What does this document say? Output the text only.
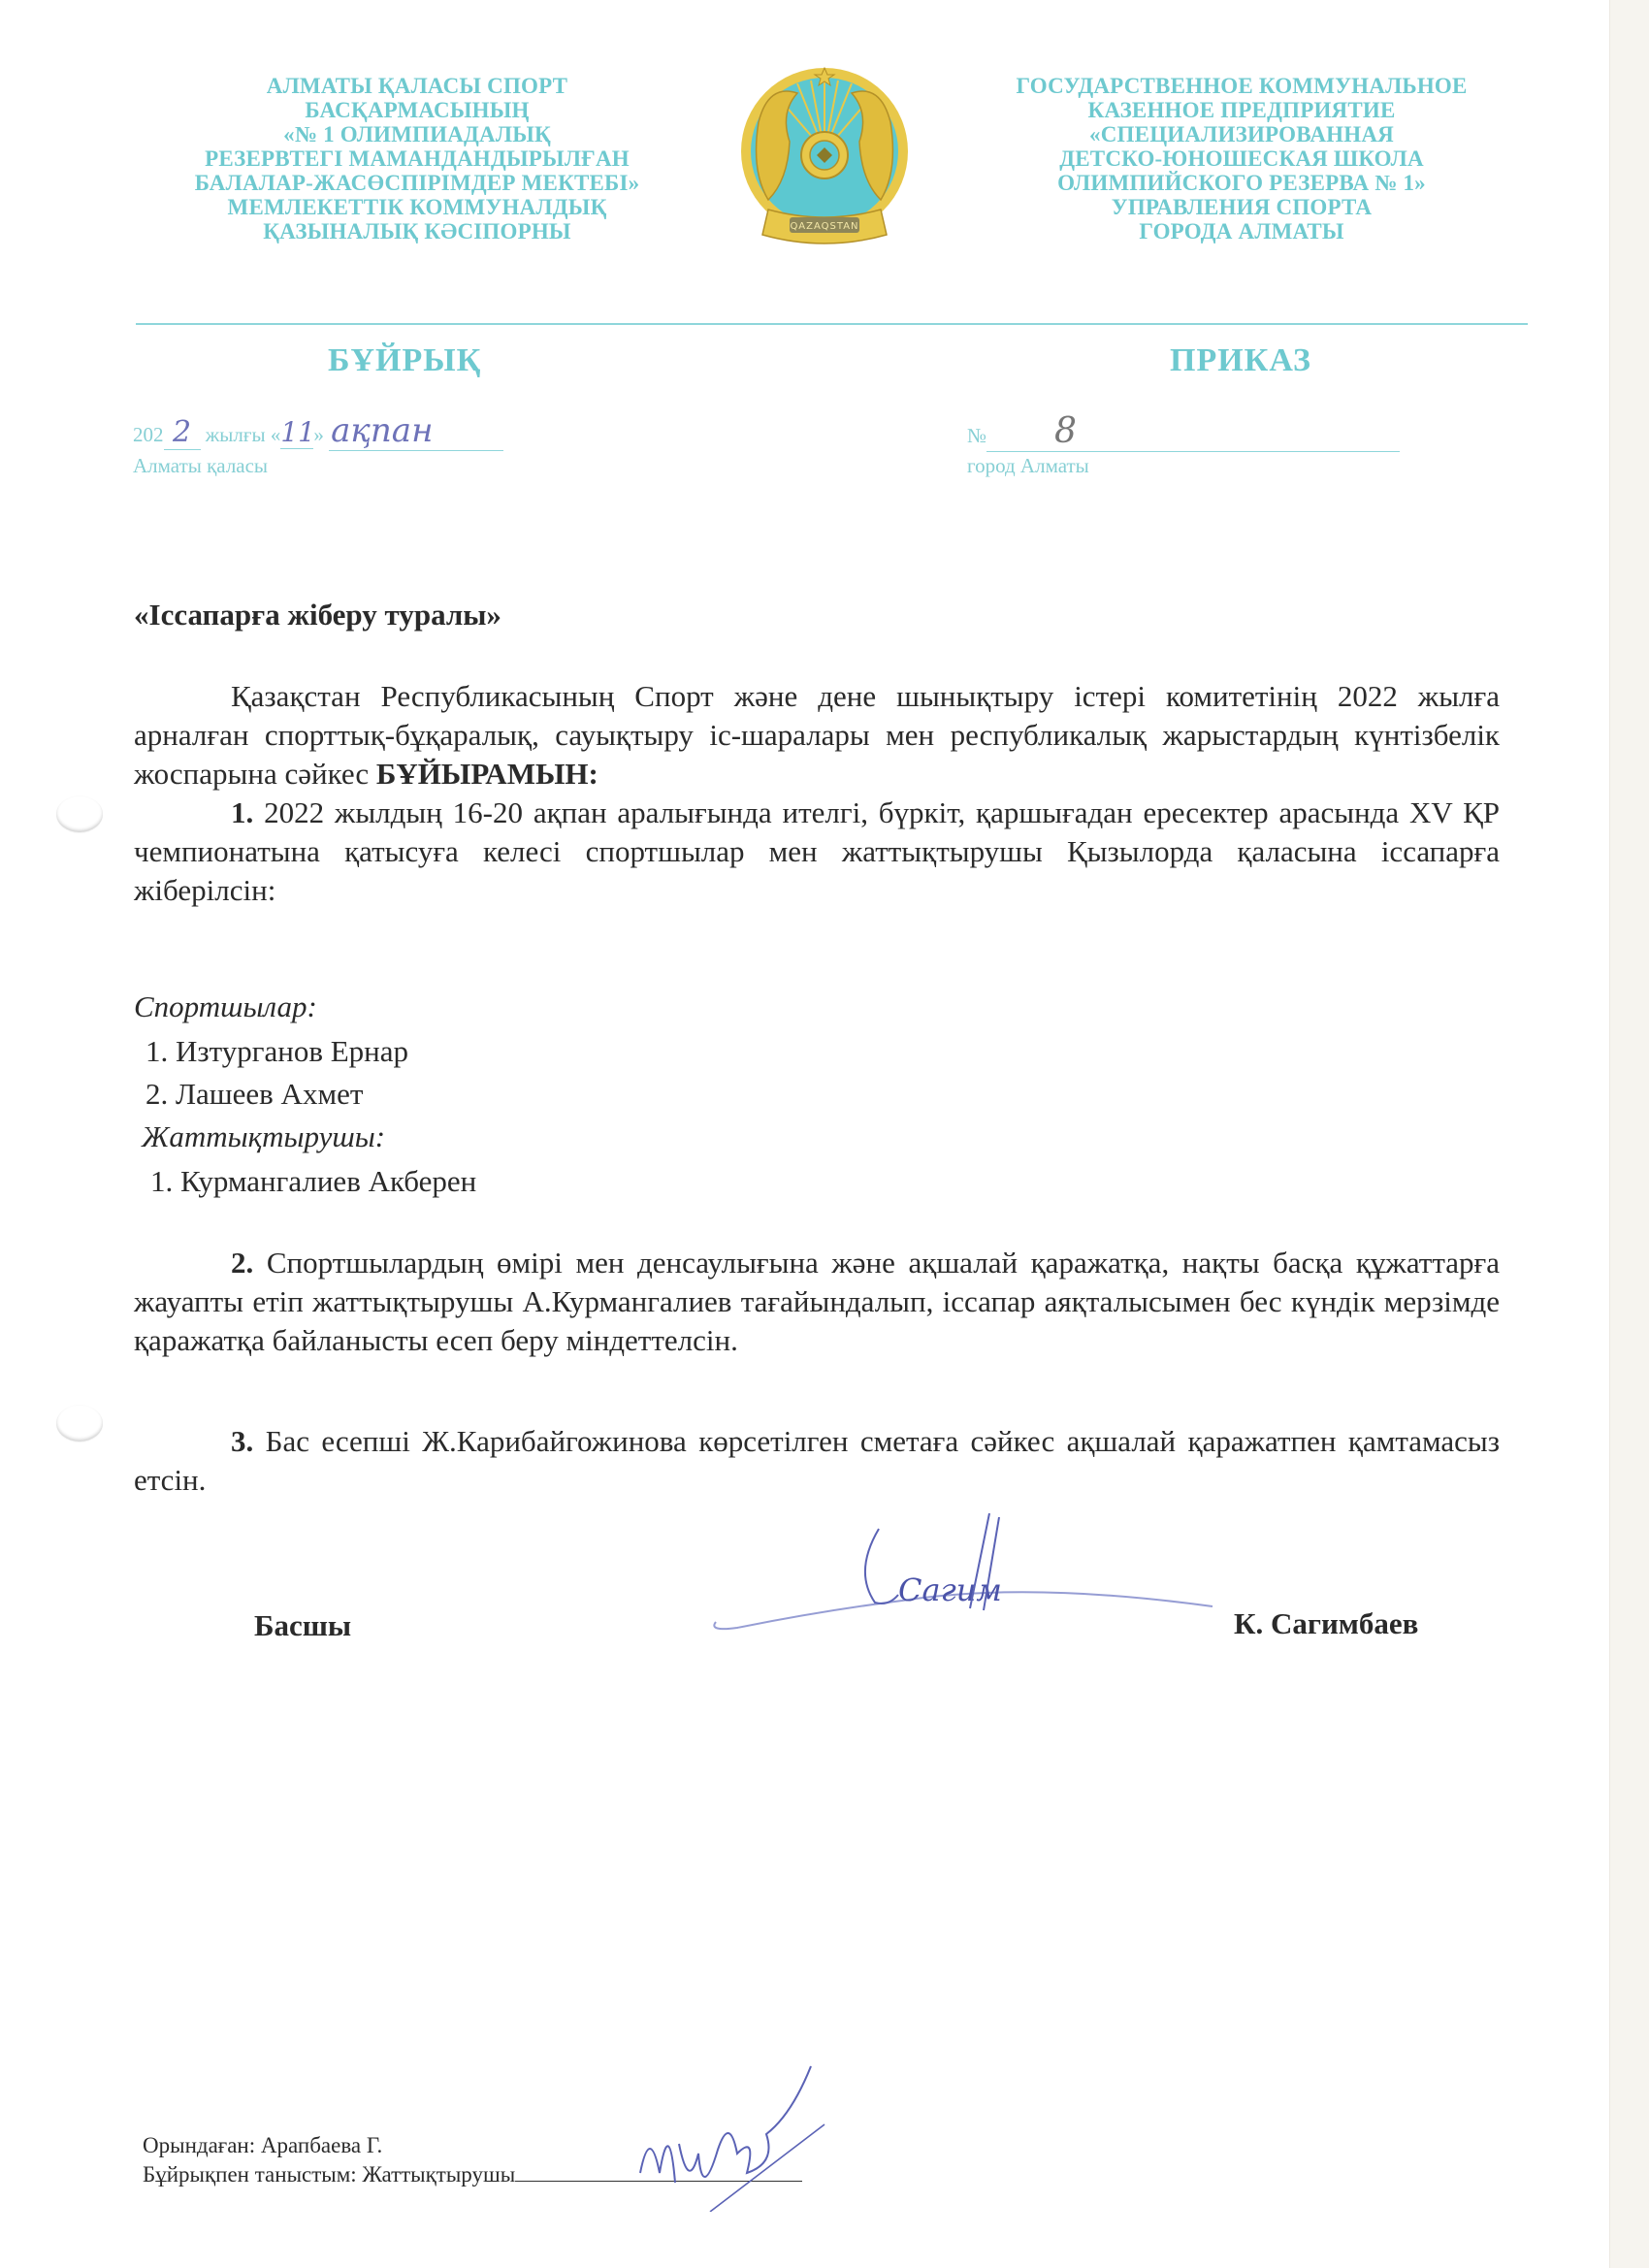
АЛМАТЫ ҚАЛАСЫ СПОРТ
БАСҚАРМАСЫНЫҢ
«№ 1 ОЛИМПИАДАЛЫҚ
РЕЗЕРВТЕГІ МАМАНДАНДЫРЫЛҒАН
БАЛАЛАР-ЖАСӨСПІРІМДЕР МЕКТЕБІ»
МЕМЛЕКЕТТІК КОММУНАЛДЫҚ
ҚАЗЫНАЛЫҚ КӘСІПОРНЫ	QAZAQSTAN
ГОСУДАРСТВЕННОЕ КОММУНАЛЬНОЕ
КАЗЕННОЕ ПРЕДПРИЯТИЕ
«СПЕЦИАЛИЗИРОВАННАЯ
ДЕТСКО-ЮНОШЕСКАЯ ШКОЛА
ОЛИМПИЙСКОГО РЕЗЕРВА № 1»
УПРАВЛЕНИЯ СПОРТА
ГОРОДА АЛМАТЫ
БҰЙРЫҚ	ПРИКАЗ
202 2 жылғы «11» ақпан
Алматы қаласы
№ 8
город Алматы
«Іссапарға жіберу туралы»
Қазақстан Республикасының Спорт және дене шынықтыру істері комитетінің 2022 жылға арналған спорттық-бұқаралық, сауықтыру іс-шаралары мен республикалық жарыстардың күнтізбелік жоспарына сәйкес БҰЙЫРАМЫН:
1. 2022 жылдың 16-20 ақпан аралығында ителгі, бүркіт, қаршығадан ересектер арасында XV ҚР чемпионатына қатысуға келесі спортшылар мен жаттықтырушы Қызылорда қаласына іссапарға жіберілсін:
Спортшылар:
1. Изтурганов Ернар
2. Лашеев Ахмет
Жаттықтырушы:
1. Курмангалиев Акберен
2. Спортшылардың өмірі мен денсаулығына және ақшалай қаражатқа, нақты басқа құжаттарға жауапты етіп жаттықтырушы А.Курмангалиев тағайындалып, іссапар аяқталысымен бес күндік мерзімде қаражатқа байланысты есеп беру міндеттелсін.
3. Бас есепші Ж.Карибайгожинова көрсетілген сметаға сәйкес ақшалай қаражатпен қамтамасыз етсін.
Басшы
Сагим
К. Сагимбаев
Орындаған: Арапбаева Г.
Бұйрықпен таныстым: Жаттықтырушы
